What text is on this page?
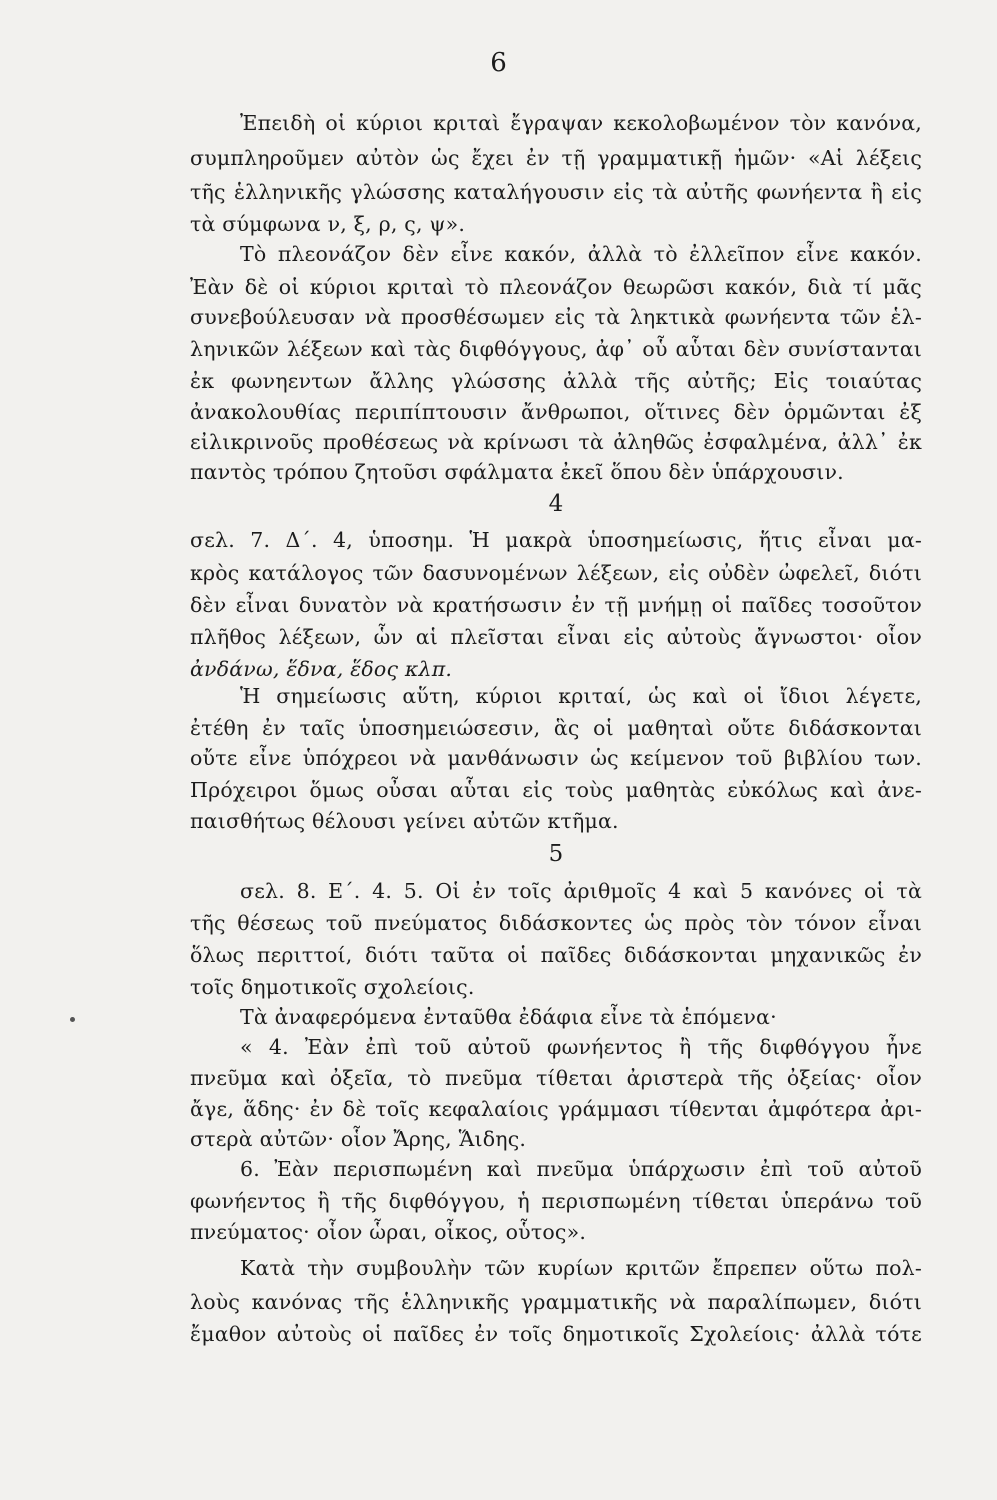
6
Ἐπειδὴ οἱ κύριοι κριταὶ ἔγραψαν κεκολοβωμένον τὸν κανόνα,
συμπληροῦμεν αὐτὸν ὡς ἔχει ἐν τῇ γραμματικῇ ἡμῶν· «Αἱ λέξεις
τῆς ἑλληνικῆς γλώσσης καταλήγουσιν εἰς τὰ αὐτῆς φωνήεντα ἢ εἰς
τὰ σύμφωνα ν, ξ, ρ, ς, ψ».
Τὸ πλεονάζον δὲν εἶνε κακόν, ἀλλὰ τὸ ἐλλεῖπον εἶνε κακόν.
Ἐὰν δὲ οἱ κύριοι κριταὶ τὸ πλεονάζον θεωρῶσι κακόν, διὰ τί μᾶς
συνεβούλευσαν νὰ προσθέσωμεν εἰς τὰ ληκτικὰ φωνήεντα τῶν ἑλ-
ληνικῶν λέξεων καὶ τὰς διφθόγγους, ἀφ᾽ οὗ αὗται δὲν συνίστανται
ἐκ φωνηεντων ἄλλης γλώσσης ἀλλὰ τῆς αὐτῆς; Εἰς τοιαύτας
ἀνακολουθίας περιπίπτουσιν ἄνθρωποι, οἵτινες δὲν ὁρμῶνται ἐξ
εἰλικρινοῦς προθέσεως νὰ κρίνωσι τὰ ἀληθῶς ἐσφαλμένα, ἀλλ᾽ ἐκ
παντὸς τρόπου ζητοῦσι σφάλματα ἐκεῖ ὅπου δὲν ὑπάρχουσιν.
4
σελ. 7. Δ΄. 4, ὑποσημ. Ἡ μακρὰ ὑποσημείωσις, ἥτις εἶναι μα-
κρὸς κατάλογος τῶν δασυνομένων λέξεων, εἰς οὐδὲν ὠφελεῖ, διότι
δὲν εἶναι δυνατὸν νὰ κρατήσωσιν ἐν τῇ μνήμῃ οἱ παῖδες τοσοῦτον
πλῆθος λέξεων, ὧν αἱ πλεῖσται εἶναι εἰς αὐτοὺς ἄγνωστοι· οἷον
ἀνδάνω, ἕδνα, ἕδος κλπ.
Ἡ σημείωσις αὕτη, κύριοι κριταί, ὡς καὶ οἱ ἴδιοι λέγετε,
ἐτέθη ἐν ταῖς ὑποσημειώσεσιν, ἃς οἱ μαθηταὶ οὔτε διδάσκονται
οὔτε εἶνε ὑπόχρεοι νὰ μανθάνωσιν ὡς κείμενον τοῦ βιβλίου των.
Πρόχειροι ὅμως οὖσαι αὗται εἰς τοὺς μαθητὰς εὐκόλως καὶ ἀνε-
παισθήτως θέλουσι γείνει αὐτῶν κτῆμα.
5
σελ. 8. Ε΄. 4. 5. Οἱ ἐν τοῖς ἀριθμοῖς 4 καὶ 5 κανόνες οἱ τὰ
τῆς θέσεως τοῦ πνεύματος διδάσκοντες ὡς πρὸς τὸν τόνον εἶναι
ὅλως περιττοί, διότι ταῦτα οἱ παῖδες διδάσκονται μηχανικῶς ἐν
τοῖς δημοτικοῖς σχολείοις.
Τὰ ἀναφερόμενα ἐνταῦθα ἐδάφια εἶνε τὰ ἑπόμενα·
« 4. Ἐὰν ἐπὶ τοῦ αὐτοῦ φωνήεντος ἢ τῆς διφθόγγου ἦνε
πνεῦμα καὶ ὀξεῖα, τὸ πνεῦμα τίθεται ἀριστερὰ τῆς ὀξείας· οἷον
ἄγε, ἅδης· ἐν δὲ τοῖς κεφαλαίοις γράμμασι τίθενται ἀμφότερα ἀρι-
στερὰ αὐτῶν· οἷον Ἄρης, Ἅιδης.
6. Ἐὰν περισπωμένη καὶ πνεῦμα ὑπάρχωσιν ἐπὶ τοῦ αὐτοῦ
φωνήεντος ἢ τῆς διφθόγγου, ἡ περισπωμένη τίθεται ὑπεράνω τοῦ
πνεύματος· οἷον ὧραι, οἶκος, οὗτος».
Κατὰ τὴν συμβουλὴν τῶν κυρίων κριτῶν ἔπρεπεν οὕτω πολ-
λοὺς κανόνας τῆς ἑλληνικῆς γραμματικῆς νὰ παραλίπωμεν, διότι
ἔμαθον αὐτοὺς οἱ παῖδες ἐν τοῖς δημοτικοῖς Σχολείοις· ἀλλὰ τότε
